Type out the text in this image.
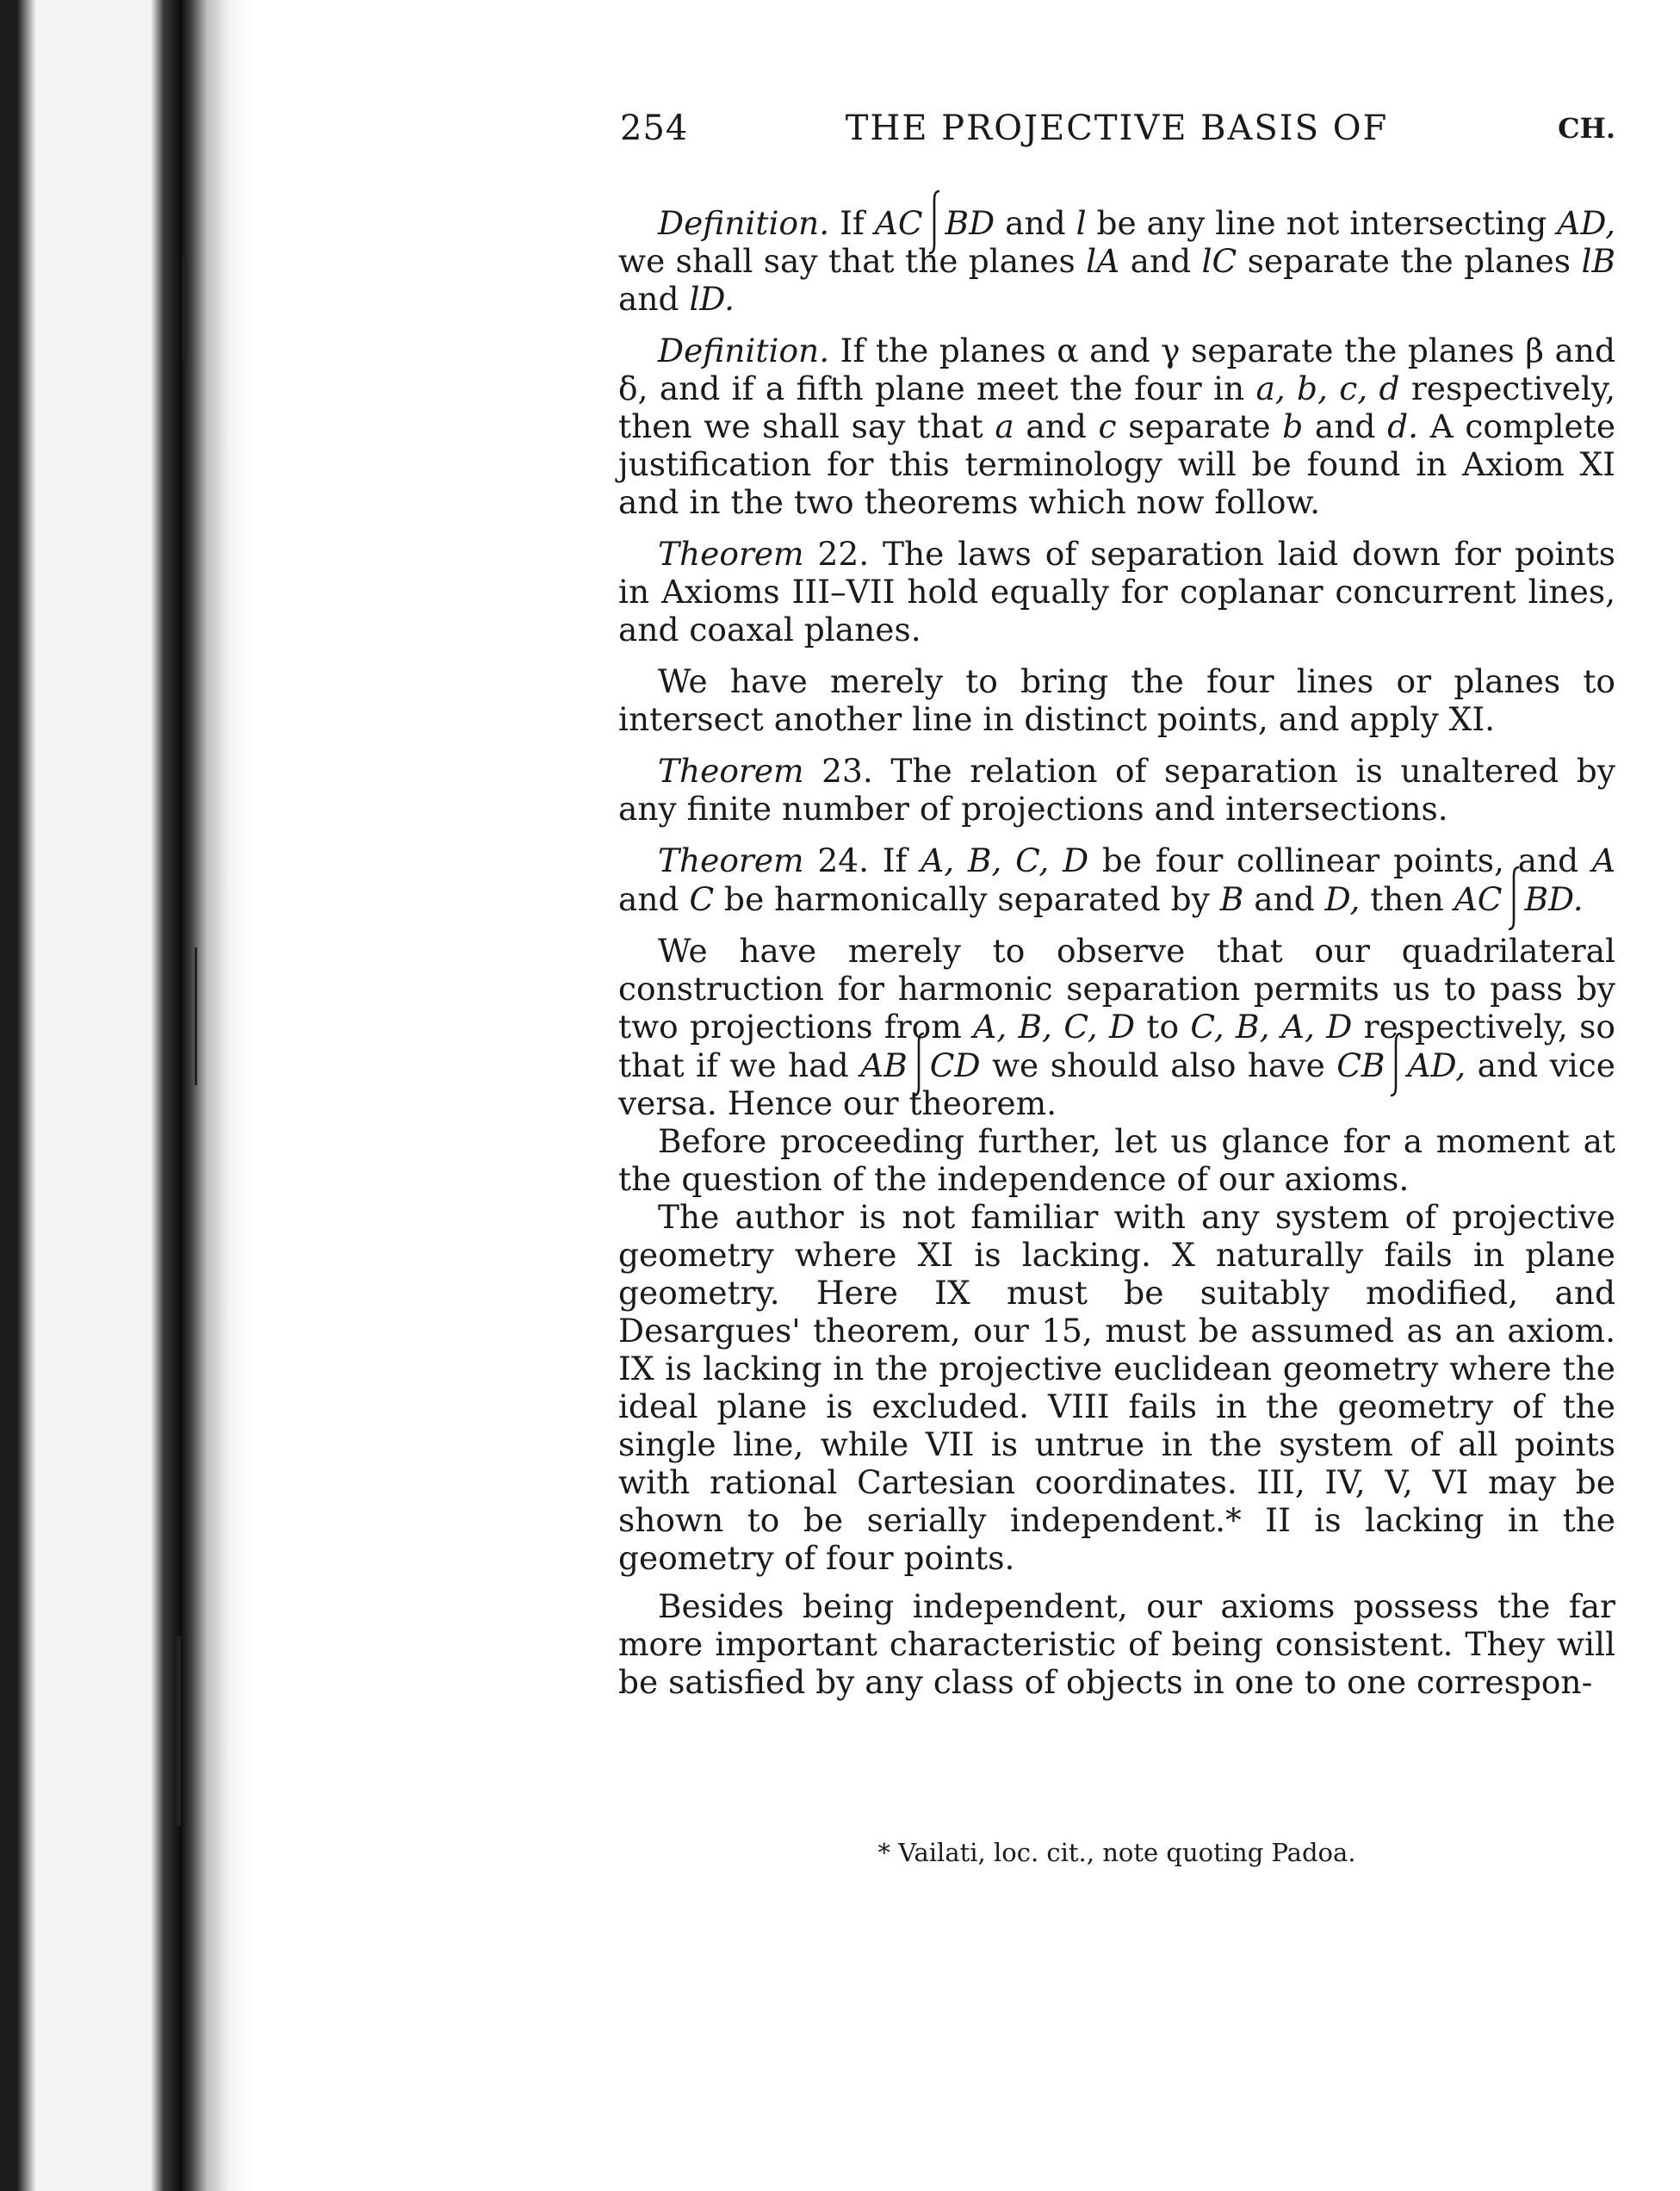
254	THE PROJECTIVE BASIS OF	CH.

Definition. If AC BD and l be any line not intersecting AD, we shall say that the planes lA and lC separate the planes lB and lD.

Definition. If the planes α and γ separate the planes β and δ, and if a fifth plane meet the four in a, b, c, d respectively, then we shall say that a and c separate b and d. A complete justification for this terminology will be found in Axiom XI and in the two theorems which now follow.

Theorem 22. The laws of separation laid down for points in Axioms III–VII hold equally for coplanar concurrent lines, and coaxal planes.

We have merely to bring the four lines or planes to intersect another line in distinct points, and apply XI.

Theorem 23. The relation of separation is unaltered by any finite number of projections and intersections.

Theorem 24. If A, B, C, D be four collinear points, and A and C be harmonically separated by B and D, then AC BD.

We have merely to observe that our quadrilateral construction for harmonic separation permits us to pass by two projections from A, B, C, D to C, B, A, D respectively, so that if we had AB CD we should also have CB AD, and vice versa. Hence our theorem.

Before proceeding further, let us glance for a moment at the question of the independence of our axioms.

The author is not familiar with any system of projective geometry where XI is lacking. X naturally fails in plane geometry. Here IX must be suitably modified, and Desargues' theorem, our 15, must be assumed as an axiom. IX is lacking in the projective euclidean geometry where the ideal plane is excluded. VIII fails in the geometry of the single line, while VII is untrue in the system of all points with rational Cartesian coordinates. III, IV, V, VI may be shown to be serially independent.* II is lacking in the geometry of four points.

Besides being independent, our axioms possess the far more important characteristic of being consistent. They will be satisfied by any class of objects in one to one correspon-

* Vailati, loc. cit., note quoting Padoa.
